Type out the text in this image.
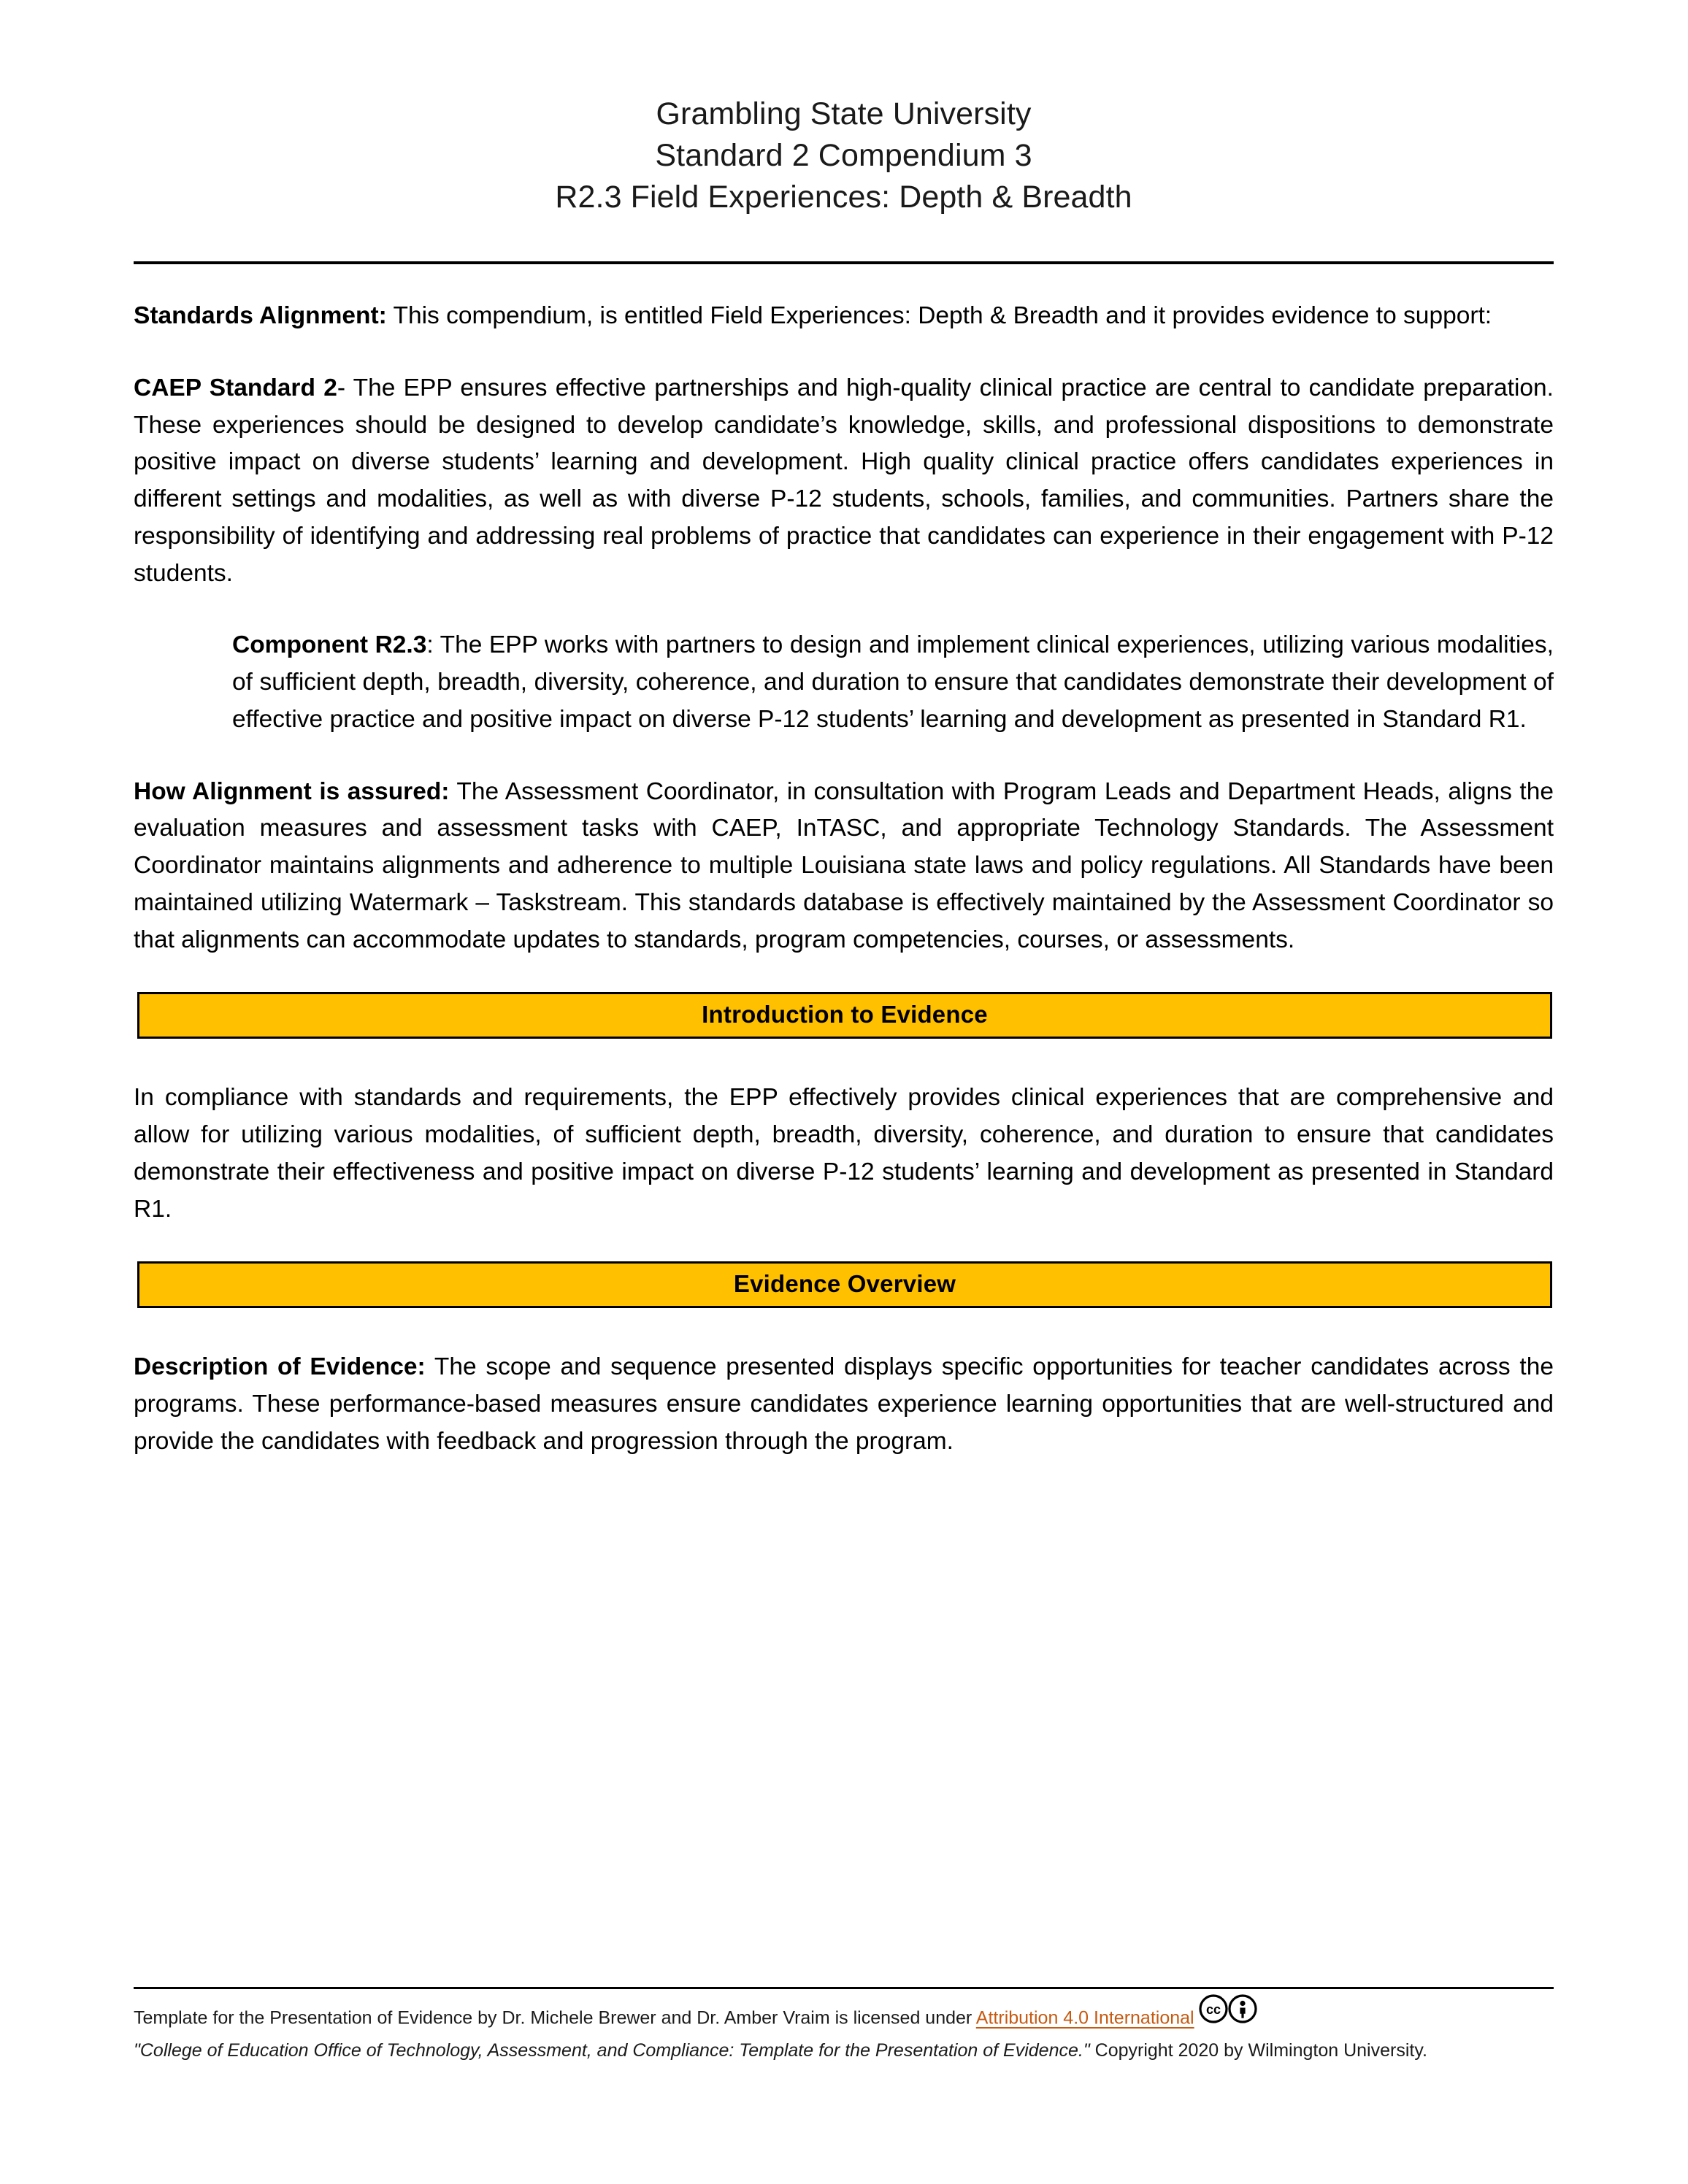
Grambling State University
Standard 2 Compendium 3
R2.3 Field Experiences: Depth & Breadth

Standards Alignment: This compendium, is entitled Field Experiences: Depth & Breadth and it provides evidence to support:

CAEP Standard 2- The EPP ensures effective partnerships and high-quality clinical practice are central to candidate preparation. These experiences should be designed to develop candidate’s knowledge, skills, and professional dispositions to demonstrate positive impact on diverse students’ learning and development. High quality clinical practice offers candidates experiences in different settings and modalities, as well as with diverse P-12 students, schools, families, and communities. Partners share the responsibility of identifying and addressing real problems of practice that candidates can experience in their engagement with P-12 students.

Component R2.3: The EPP works with partners to design and implement clinical experiences, utilizing various modalities, of sufficient depth, breadth, diversity, coherence, and duration to ensure that candidates demonstrate their development of effective practice and positive impact on diverse P-12 students’ learning and development as presented in Standard R1.

How Alignment is assured: The Assessment Coordinator, in consultation with Program Leads and Department Heads, aligns the evaluation measures and assessment tasks with CAEP, InTASC, and appropriate Technology Standards. The Assessment Coordinator maintains alignments and adherence to multiple Louisiana state laws and policy regulations. All Standards have been maintained utilizing Watermark – Taskstream. This standards database is effectively maintained by the Assessment Coordinator so that alignments can accommodate updates to standards, program competencies, courses, or assessments.

Introduction to Evidence

In compliance with standards and requirements, the EPP effectively provides clinical experiences that are comprehensive and allow for utilizing various modalities, of sufficient depth, breadth, diversity, coherence, and duration to ensure that candidates demonstrate their effectiveness and positive impact on diverse P-12 students’ learning and development as presented in Standard R1.

Evidence Overview

Description of Evidence: The scope and sequence presented displays specific opportunities for teacher candidates across the programs. These performance-based measures ensure candidates experience learning opportunities that are well-structured and provide the candidates with feedback and progression through the program.

Template for the Presentation of Evidence by Dr. Michele Brewer and Dr. Amber Vraim is licensed under Attribution 4.0 International cc
"College of Education Office of Technology, Assessment, and Compliance: Template for the Presentation of Evidence." Copyright 2020 by Wilmington University.
